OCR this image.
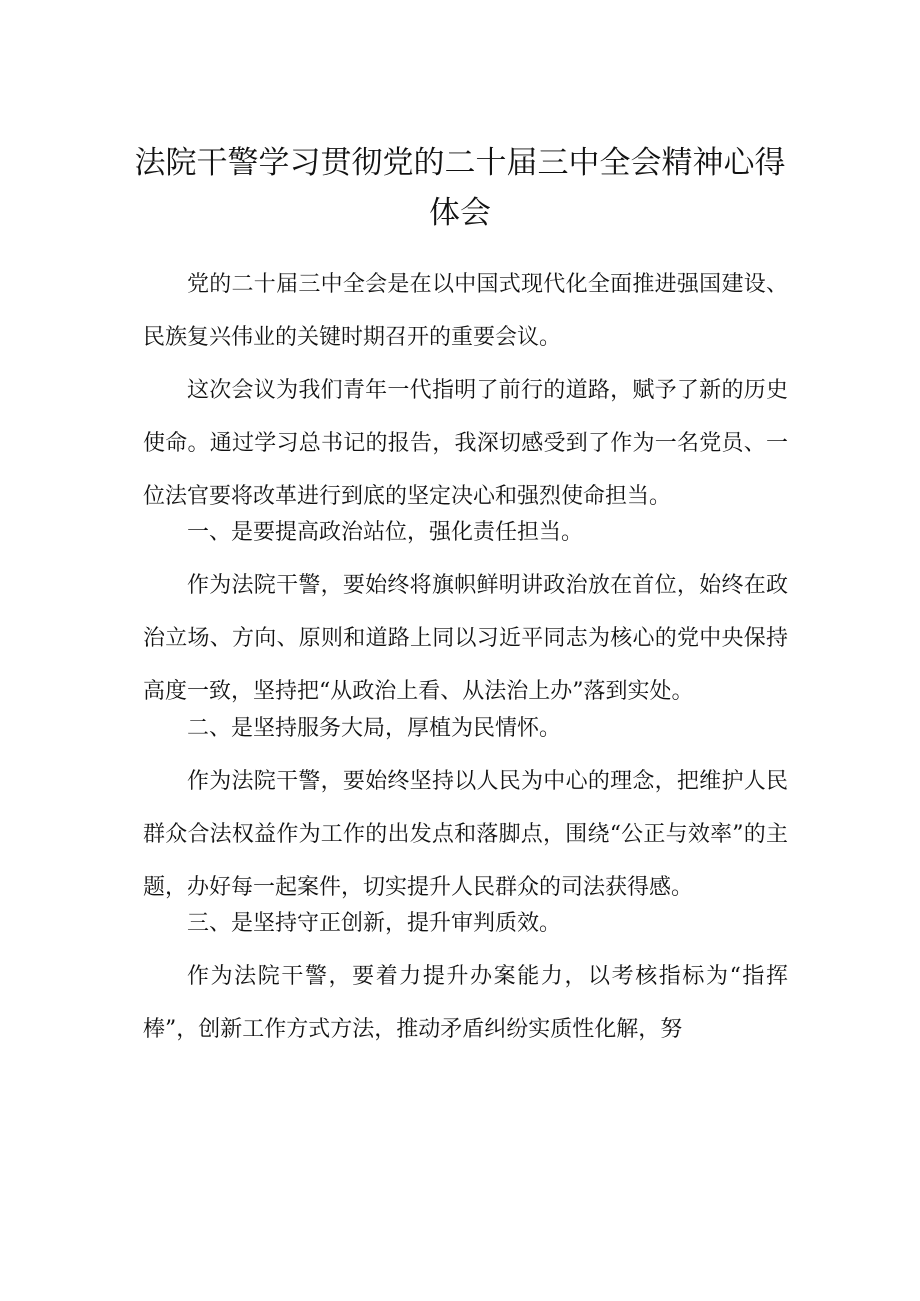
法院干警学习贯彻党的二十届三中全会精神心得体会

党的二十届三中全会是在以中国式现代化全面推进强国建设、民族复兴伟业的关键时期召开的重要会议。

这次会议为我们青年一代指明了前行的道路，赋予了新的历史使命。通过学习总书记的报告，我深切感受到了作为一名党员、一位法官要将改革进行到底的坚定决心和强烈使命担当。

一、是要提高政治站位，强化责任担当。

作为法院干警，要始终将旗帜鲜明讲政治放在首位，始终在政治立场、方向、原则和道路上同以习近平同志为核心的党中央保持高度一致，坚持把“从政治上看、从法治上办”落到实处。

二、是坚持服务大局，厚植为民情怀。

作为法院干警，要始终坚持以人民为中心的理念，把维护人民群众合法权益作为工作的出发点和落脚点，围绕“公正与效率”的主题，办好每一起案件，切实提升人民群众的司法获得感。

三、是坚持守正创新，提升审判质效。

作为法院干警，要着力提升办案能力，以考核指标为“指挥棒”，创新工作方式方法，推动矛盾纠纷实质性化解，努
